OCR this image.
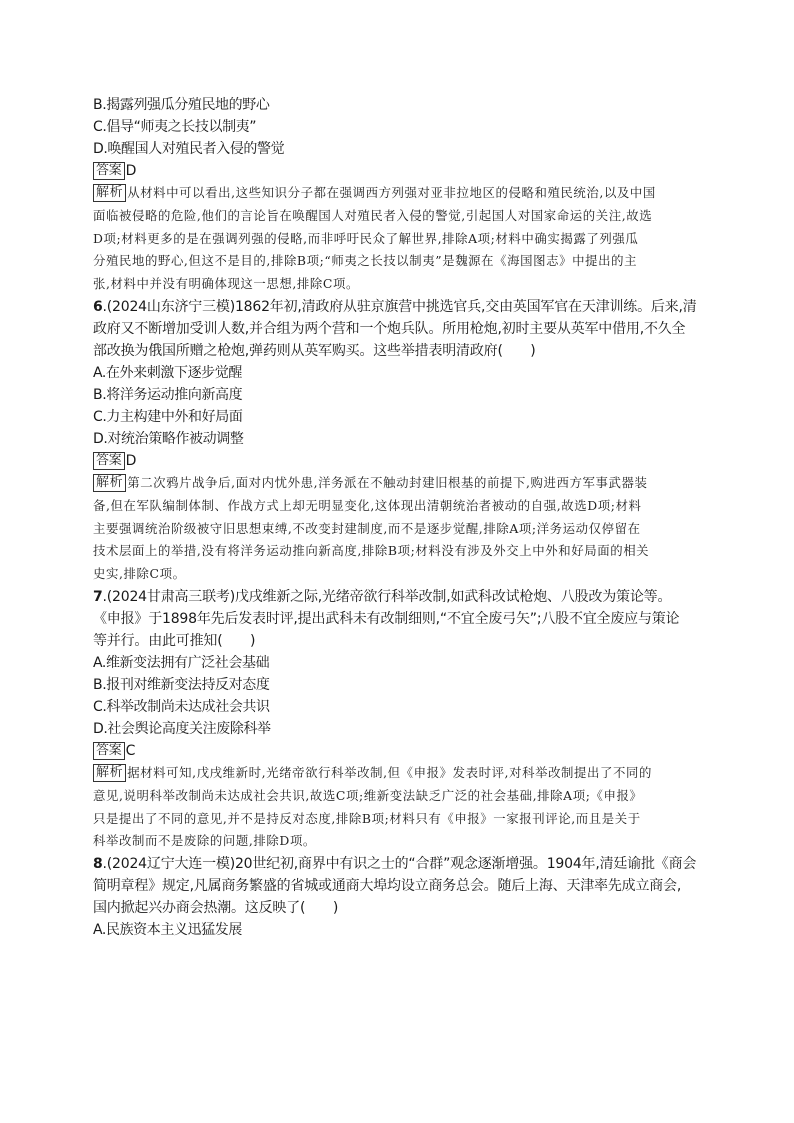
B.揭露列强瓜分殖民地的野心
C.倡导“师夷之长技以制夷”
D.唤醒国人对殖民者入侵的警觉
答案 D
解析 从材料中可以看出,这些知识分子都在强调西方列强对亚非拉地区的侵略和殖民统治,以及中国
面临被侵略的危险,他们的言论旨在唤醒国人对殖民者入侵的警觉,引起国人对国家命运的关注,故选
D项;材料更多的是在强调列强的侵略,而非呼吁民众了解世界,排除A项;材料中确实揭露了列强瓜
分殖民地的野心,但这不是目的,排除B项;“师夷之长技以制夷”是魏源在《海国图志》中提出的主
张,材料中并没有明确体现这一思想,排除C项。
6.(2024山东济宁三模)1862年初,清政府从驻京旗营中挑选官兵,交由英国军官在天津训练。后来,清
政府又不断增加受训人数,并合组为两个营和一个炮兵队。所用枪炮,初时主要从英军中借用,不久全
部改换为俄国所赠之枪炮,弹药则从英军购买。这些举措表明清政府(　　)
A.在外来刺激下逐步觉醒
B.将洋务运动推向新高度
C.力主构建中外和好局面
D.对统治策略作被动调整
答案 D
解析 第二次鸦片战争后,面对内忧外患,洋务派在不触动封建旧根基的前提下,购进西方军事武器装
备,但在军队编制体制、作战方式上却无明显变化,这体现出清朝统治者被动的自强,故选D项;材料
主要强调统治阶级被守旧思想束缚,不改变封建制度,而不是逐步觉醒,排除A项;洋务运动仅停留在
技术层面上的举措,没有将洋务运动推向新高度,排除B项;材料没有涉及外交上中外和好局面的相关
史实,排除C项。
7.(2024甘肃高三联考)戊戌维新之际,光绪帝欲行科举改制,如武科改试枪炮、八股改为策论等。
《申报》于1898年先后发表时评,提出武科未有改制细则,“不宜全废弓矢”;八股不宜全废应与策论
等并行。由此可推知(　　)
A.维新变法拥有广泛社会基础
B.报刊对维新变法持反对态度
C.科举改制尚未达成社会共识
D.社会舆论高度关注废除科举
答案 C
解析 据材料可知,戊戌维新时,光绪帝欲行科举改制,但《申报》发表时评,对科举改制提出了不同的
意见,说明科举改制尚未达成社会共识,故选C项;维新变法缺乏广泛的社会基础,排除A项;《申报》
只是提出了不同的意见,并不是持反对态度,排除B项;材料只有《申报》一家报刊评论,而且是关于
科举改制而不是废除的问题,排除D项。
8.(2024辽宁大连一模)20世纪初,商界中有识之士的“合群”观念逐渐增强。1904年,清廷谕批《商会
简明章程》规定,凡属商务繁盛的省城或通商大埠均设立商务总会。随后上海、天津率先成立商会,
国内掀起兴办商会热潮。这反映了(　　)
A.民族资本主义迅猛发展
